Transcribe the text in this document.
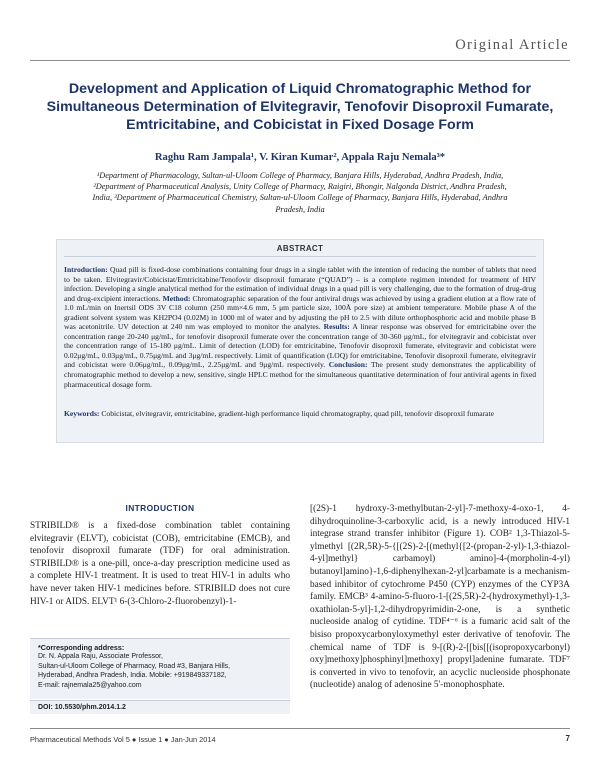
Original Article
Development and Application of Liquid Chromatographic Method for Simultaneous Determination of Elvitegravir, Tenofovir Disoproxil Fumarate, Emtricitabine, and Cobicistat in Fixed Dosage Form
Raghu Ram Jampala¹, V. Kiran Kumar², Appala Raju Nemala³*
¹Department of Pharmacology, Sultan-ul-Uloom College of Pharmacy, Banjara Hills, Hyderabad, Andhra Pradesh, India, ²Department of Pharmaceutical Analysis, Unity College of Pharmacy, Raigiri, Bhongir, Nalgonda District, Andhra Pradesh, India, ³Department of Pharmaceutical Chemistry, Sultan-ul-Uloom College of Pharmacy, Banjara Hills, Hyderabad, Andhra Pradesh, India
ABSTRACT
Introduction: Quad pill is fixed-dose combinations containing four drugs in a single tablet with the intention of reducing the number of tablets that need to be taken. Elvitegravir/Cobicistat/Emtricitabine/Tenofovir disoproxil fumarate (“QUAD”) – is a complete regimen intended for treatment of HIV infection. Developing a single analytical method for the estimation of individual drugs in a quad pill is very challenging, due to the formation of drug-drug and drug-excipient interactions. Method: Chromatographic separation of the four antiviral drugs was achieved by using a gradient elution at a flow rate of 1.0 mL/min on Inertsil ODS 3V C18 column (250 mm×4.6 mm, 5 μm particle size, 100Å pore size) at ambient temperature. Mobile phase A of the gradient solvent system was KH2PO4 (0.02M) in 1000 ml of water and by adjusting the pH to 2.5 with dilute orthophosphoric acid and mobile phase B was acetonitrile. UV detection at 240 nm was employed to monitor the analytes. Results: A linear response was observed for emtricitabine over the concentration range 20-240 μg/mL, for tenofovir disoproxil fumerate over the concentration range of 30-360 μg/mL, for elvitegravir and cobicistat over the concentration range of 15-180 μg/mL. Limit of detection (LOD) for emtricitabine, Tenofovir disoproxil fumerate, elvitegravir and cobicistat were 0.02μg/mL, 0.03μg/mL, 0.75μg/mL and 3μg/mL respectively. Limit of quantification (LOQ) for emtricitabine, Tenofovir disoproxil fumerate, elvitegravir and cobicistat were 0.06μg/mL, 0.09μg/mL, 2.25μg/mL and 9μg/mL respectively. Conclusion: The present study demonstrates the applicability of chromatographic method to develop a new, sensitive, single HPLC method for the simultaneous quantitative determination of four antiviral agents in fixed pharmaceutical dosage form.
Keywords: Cobicistat, elvitegravir, emtricitabine, gradient-high performance liquid chromatography, quad pill, tenofovir disoproxil fumarate
INTRODUCTION

STRIBILD® is a fixed-dose combination tablet containing elvitegravir (ELVT), cobicistat (COB), emtricitabine (EMCB), and tenofovir disoproxil fumarate (TDF) for oral administration. STRIBILD® is a one-pill, once-a-day prescription medicine used as a complete HIV-1 treatment. It is used to treat HIV-1 in adults who have never taken HIV-1 medicines before. STRIBILD does not cure HIV-1 or AIDS. ELVT¹ 6-(3-Chloro-2-fluorobenzyl)-1-

[(2S)-1 hydroxy-3-methylbutan-2-yl]-7-methoxy-4-oxo-1, 4-dihydroquinoline-3-carboxylic acid, is a newly introduced HIV-1 integrase strand transfer inhibitor (Figure 1). COB² 1,3-Thiazol-5-ylmethyl [(2R,5R)-5-{[(2S)-2-[(methyl{[2-(propan-2-yl)-1,3-thiazol-4-yl]methyl} carbamoyl) amino]-4-(morpholin-4-yl) butanoyl]amino}-1,6-diphenylhexan-2-yl]carbamate is a mechanism-based inhibitor of cytochrome P450 (CYP) enzymes of the CYP3A family. EMCB³ 4-amino-5-fluoro-1-[(2S,5R)-2-(hydroxymethyl)-1,3-oxathiolan-5-yl]-1,2-dihydropyrimidin-2-one, is a synthetic nucleoside analog of cytidine. TDF⁴⁻⁶ is a fumaric acid salt of the bisiso propoxycarbonyloxymethyl ester derivative of tenofovir. The chemical name of TDF is 9-[(R)-2-[[bis[[(isopropoxycarbonyl) oxy]methoxy]phosphinyl]methoxy] propyl]adenine fumarate. TDF⁷ is converted in vivo to tenofovir, an acyclic nucleoside phosphonate (nucleotide) analog of adenosine 5'-monophosphate.

*Corresponding address:
Dr. N. Appala Raju, Associate Professor,
Sultan-ul-Uloom College of Pharmacy, Road #3, Banjara Hills,
Hyderabad, Andhra Pradesh, India. Mobile: +919849337182,
E-mail: rajnemala25@yahoo.com
DOI: 10.5530/phm.2014.1.2
Pharmaceutical Methods Vol 5 ● Issue 1 ● Jan-Jun 2014	7
